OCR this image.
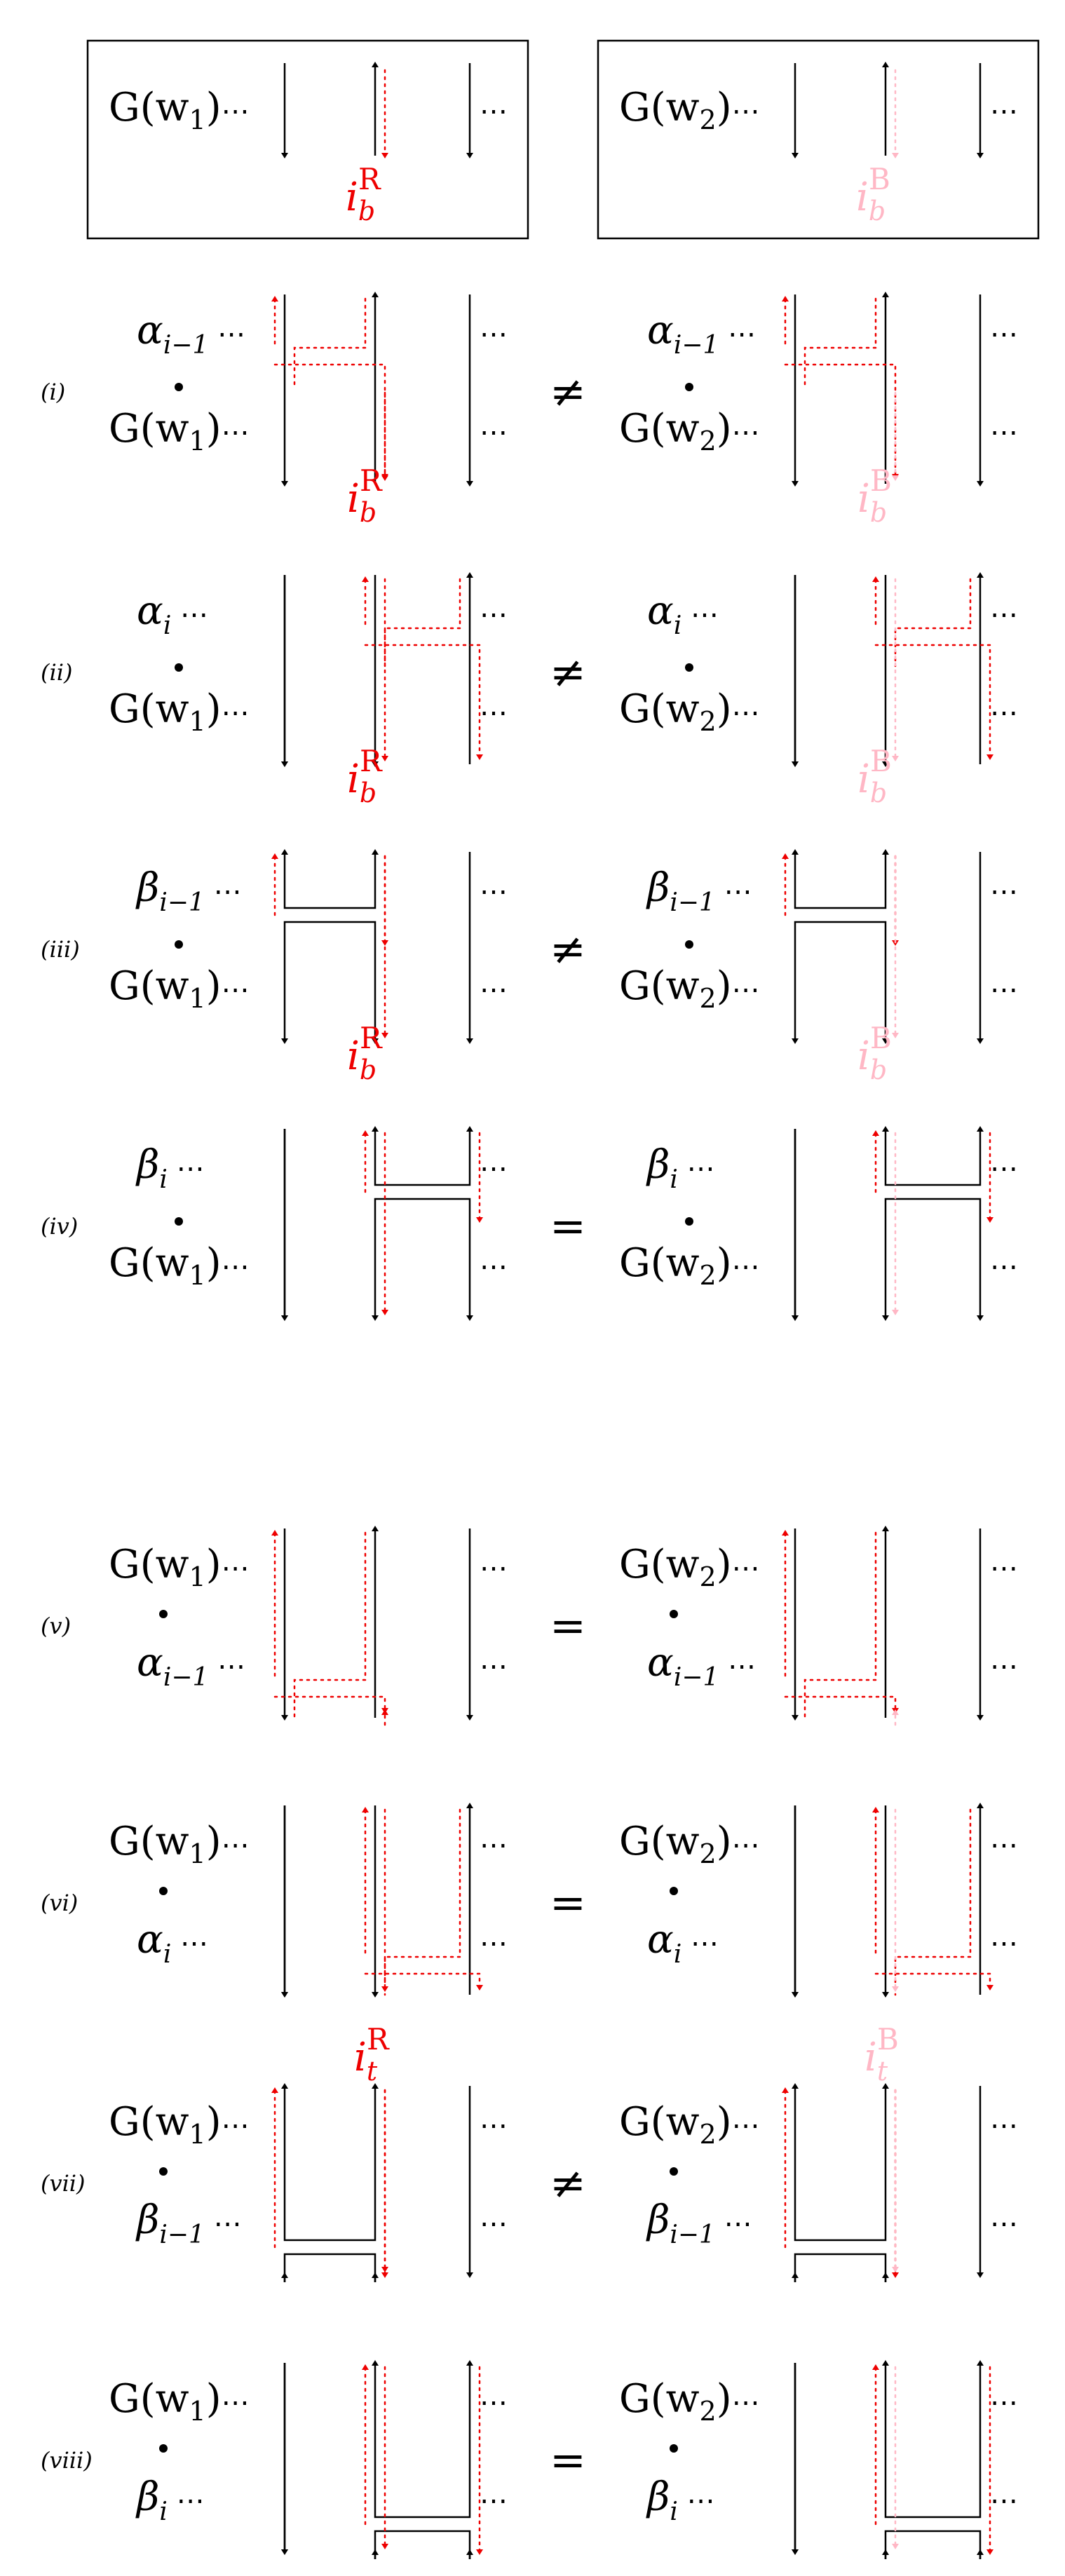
$G(w_1)\cdots$	⋯
$i_b$
R
$G(w_2)\cdots$	⋯
$i_b$
B
(i)
$\alpha_{i-1}$ ⋯
$G(w_1)\cdots$
⋯
⋯
$i_b$
R
$\alpha_{i-1}$ ⋯
$G(w_2)\cdots$
⋯
⋯
$i_b$
B
≠
(ii)
$\alpha_i$ ⋯
$G(w_1)\cdots$
⋯
⋯
$i_b$
R
$\alpha_i$ ⋯
$G(w_2)\cdots$
⋯
⋯
$i_b$
B
≠
(iii)
$\beta_{i-1}$ ⋯
$G(w_1)\cdots$
⋯
⋯
$i_b$
R
$\beta_{i-1}$ ⋯
$G(w_2)\cdots$
⋯
⋯
$i_b$
B
≠
(iv)
$\beta_i$ ⋯
$G(w_1)\cdots$
⋯
⋯
$\beta_i$ ⋯
$G(w_2)\cdots$
⋯
⋯
=
(v)
$G(w_1)\cdots$
$\alpha_{i-1}$ ⋯
⋯
⋯
$G(w_2)\cdots$
$\alpha_{i-1}$ ⋯
⋯
⋯
=
(vi)
$G(w_1)\cdots$
$\alpha_i$ ⋯
⋯
⋯
$G(w_2)\cdots$
$\alpha_i$ ⋯
⋯
⋯
=
(vii)
$G(w_1)\cdots$
$\beta_{i-1}$ ⋯
⋯
⋯
$i_t$
R
$G(w_2)\cdots$
$\beta_{i-1}$ ⋯
⋯
⋯
$i_t$
B
≠
(viii)
$G(w_1)\cdots$
$\beta_i$ ⋯
⋯
⋯
$G(w_2)\cdots$
$\beta_i$ ⋯
⋯
⋯
=
